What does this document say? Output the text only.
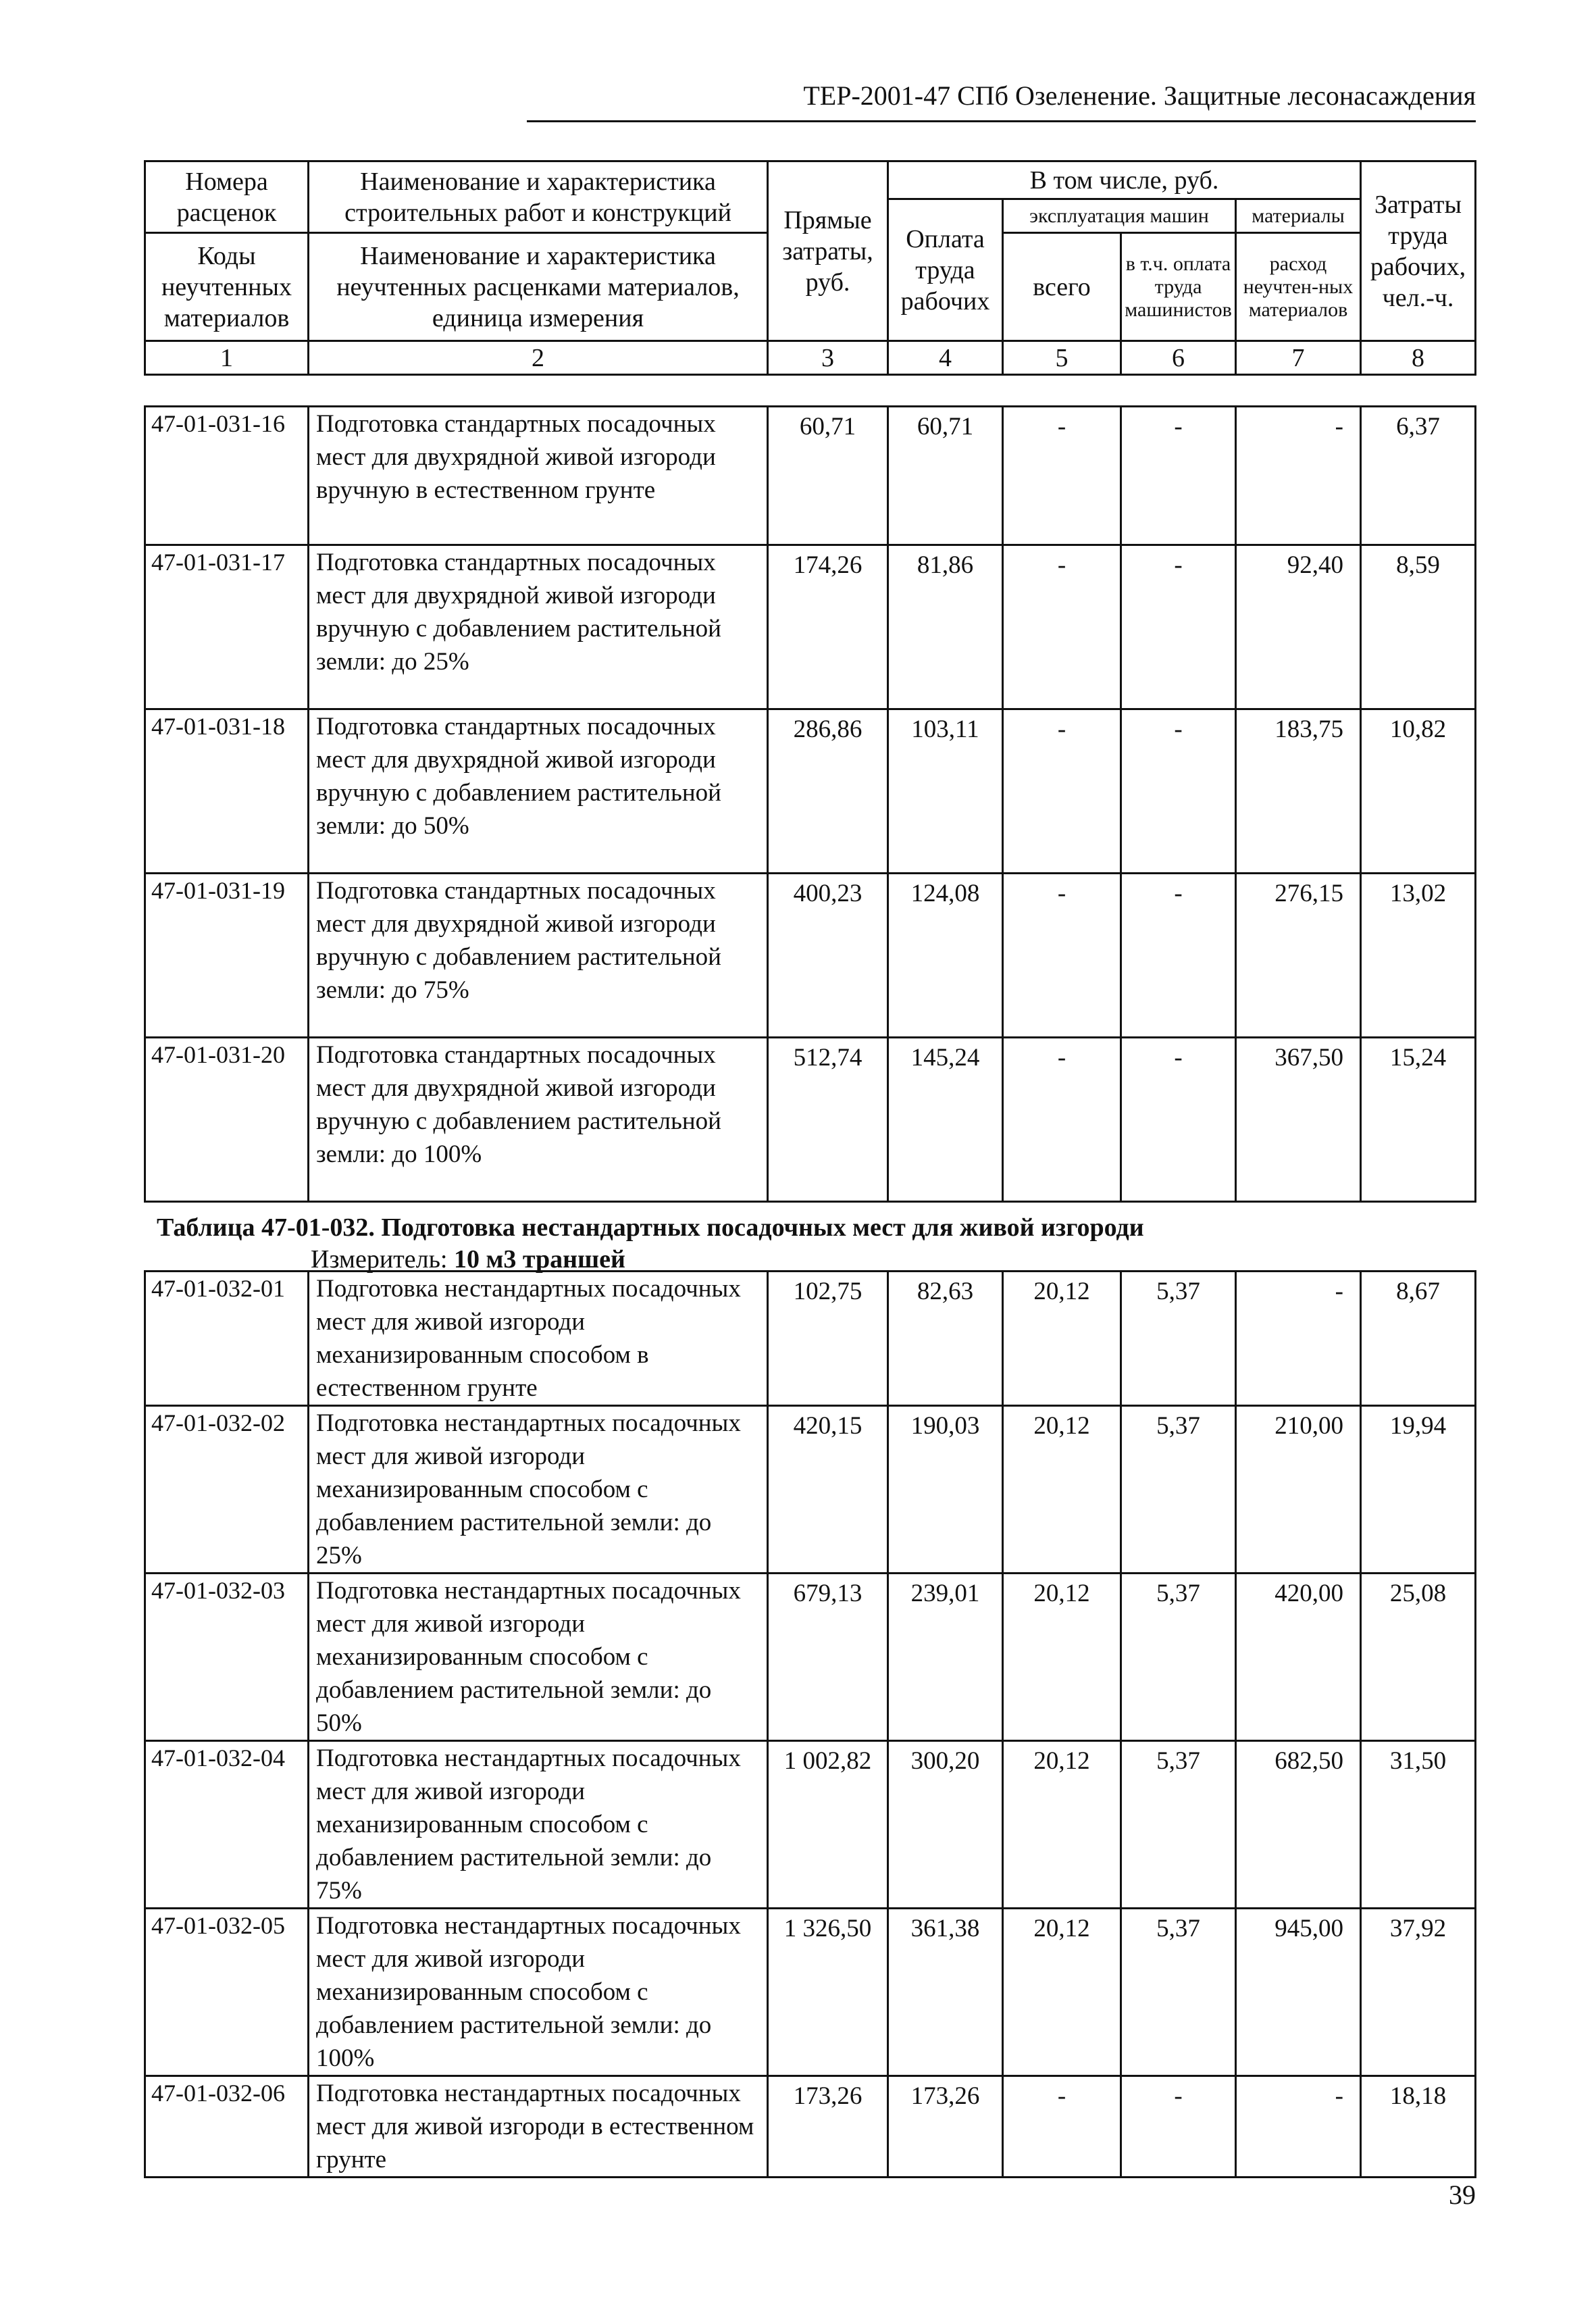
ТЕР-2001-47 СПб Озеленение. Защитные лесонасаждения
Номера расценок	Наименование и характеристика строительных работ и конструкций	Прямые затраты, руб.	В том числе, руб.				Затраты труда рабочих, чел.-ч.
			Оплата труда рабочих	эксплуатация машин		материалы	
Коды неучтенных материалов	Наименование и характеристика неучтенных расценками материалов, единица измерения			всего	в т.ч. оплата труда машинистов	расход неучтен-ных материалов	

1	2	3	4	5	6	7	8
47-01-031-16	Подготовка стандартных посадочных мест для двухрядной живой изгороди вручную в естественном грунте	60,71	60,71	-	-	-	6,37
47-01-031-17	Подготовка стандартных посадочных мест для двухрядной живой изгороди вручную с добавлением растительной земли: до 25%	174,26	81,86	-	-	92,40	8,59
47-01-031-18	Подготовка стандартных посадочных мест для двухрядной живой изгороди вручную с добавлением растительной земли: до 50%	286,86	103,11	-	-	183,75	10,82
47-01-031-19	Подготовка стандартных посадочных мест для двухрядной живой изгороди вручную с добавлением растительной земли: до 75%	400,23	124,08	-	-	276,15	13,02
47-01-031-20	Подготовка стандартных посадочных мест для двухрядной живой изгороди вручную с добавлением растительной земли: до 100%	512,74	145,24	-	-	367,50	15,24
Таблица 47-01-032. Подготовка нестандартных посадочных мест для живой изгороди
Измеритель: 10 м3 траншей
47-01-032-01	Подготовка нестандартных посадочных мест для живой изгороди механизированным способом в естественном грунте	102,75	82,63	20,12	5,37	-	8,67
47-01-032-02	Подготовка нестандартных посадочных мест для живой изгороди механизированным способом с добавлением растительной земли: до 25%	420,15	190,03	20,12	5,37	210,00	19,94
47-01-032-03	Подготовка нестандартных посадочных мест для живой изгороди механизированным способом с добавлением растительной земли: до 50%	679,13	239,01	20,12	5,37	420,00	25,08
47-01-032-04	Подготовка нестандартных посадочных мест для живой изгороди механизированным способом с добавлением растительной земли: до 75%	1 002,82	300,20	20,12	5,37	682,50	31,50
47-01-032-05	Подготовка нестандартных посадочных мест для живой изгороди механизированным способом с добавлением растительной земли: до 100%	1 326,50	361,38	20,12	5,37	945,00	37,92
47-01-032-06	Подготовка нестандартных посадочных мест для живой изгороди в естественном грунте	173,26	173,26	-	-	-	18,18
39
